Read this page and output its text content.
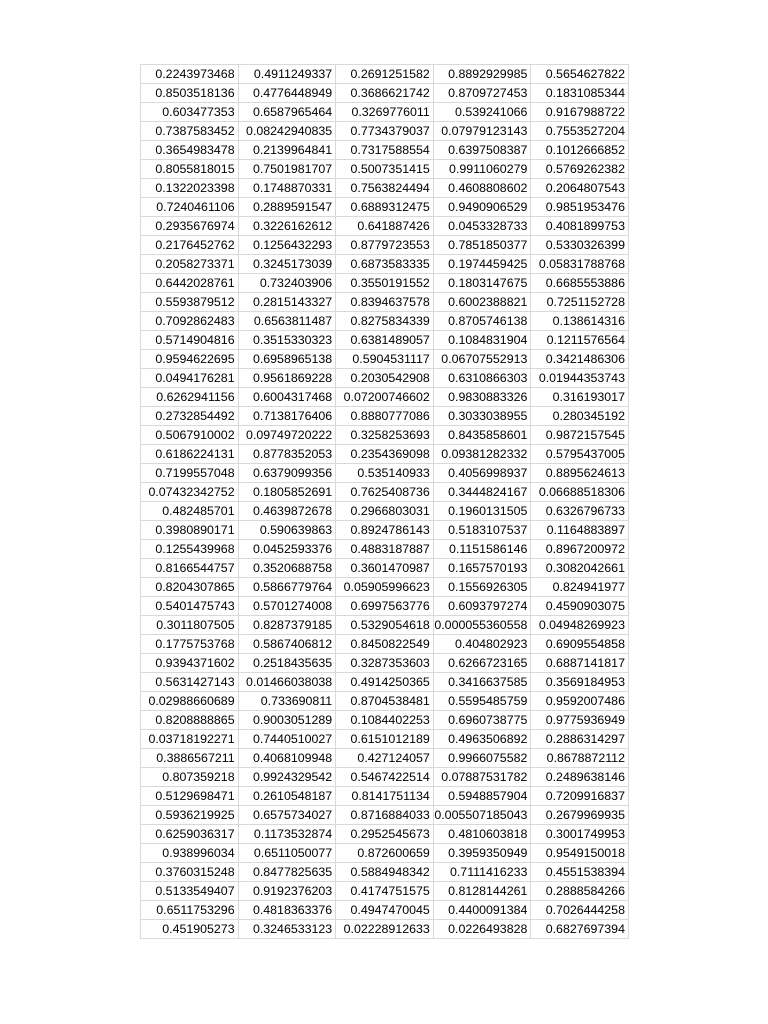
0.2243973468	0.4911249337	0.2691251582	0.8892929985	0.5654627822
0.8503518136	0.4776448949	0.3686621742	0.8709727453	0.1831085344
0.603477353	0.6587965464	0.3269776011	0.539241066	0.9167988722
0.7387583452	0.08242940835	0.7734379037	0.07979123143	0.7553527204
0.3654983478	0.2139964841	0.7317588554	0.6397508387	0.1012666852
0.8055818015	0.7501981707	0.5007351415	0.9911060279	0.5769262382
0.1322023398	0.1748870331	0.7563824494	0.4608808602	0.2064807543
0.7240461106	0.2889591547	0.6889312475	0.9490906529	0.9851953476
0.2935676974	0.3226162612	0.641887426	0.0453328733	0.4081899753
0.2176452762	0.1256432293	0.8779723553	0.7851850377	0.5330326399
0.2058273371	0.3245173039	0.6873583335	0.1974459425	0.05831788768
0.6442028761	0.732403906	0.3550191552	0.1803147675	0.6685553886
0.5593879512	0.2815143327	0.8394637578	0.6002388821	0.7251152728
0.7092862483	0.6563811487	0.8275834339	0.8705746138	0.138614316
0.5714904816	0.3515330323	0.6381489057	0.1084831904	0.1211576564
0.9594622695	0.6958965138	0.5904531117	0.06707552913	0.3421486306
0.0494176281	0.9561869228	0.2030542908	0.6310866303	0.01944353743
0.6262941156	0.6004317468	0.07200746602	0.9830883326	0.316193017
0.2732854492	0.7138176406	0.8880777086	0.3033038955	0.280345192
0.5067910002	0.09749720222	0.3258253693	0.8435858601	0.9872157545
0.6186224131	0.8778352053	0.2354369098	0.09381282332	0.5795437005
0.7199557048	0.6379099356	0.535140933	0.4056998937	0.8895624613
0.07432342752	0.1805852691	0.7625408736	0.3444824167	0.06688518306
0.482485701	0.4639872678	0.2966803031	0.1960131505	0.6326796733
0.3980890171	0.590639863	0.8924786143	0.5183107537	0.1164883897
0.1255439968	0.0452593376	0.4883187887	0.1151586146	0.8967200972
0.8166544757	0.3520688758	0.3601470987	0.1657570193	0.3082042661
0.8204307865	0.5866779764	0.05905996623	0.1556926305	0.824941977
0.5401475743	0.5701274008	0.6997563776	0.6093797274	0.4590903075
0.3011807505	0.8287379185	0.5329054618	0.000055360558	0.04948269923
0.1775753768	0.5867406812	0.8450822549	0.404802923	0.6909554858
0.9394371602	0.2518435635	0.3287353603	0.6266723165	0.6887141817
0.5631427143	0.01466038038	0.4914250365	0.3416637585	0.3569184953
0.02988660689	0.733690811	0.8704538481	0.5595485759	0.9592007486
0.8208888865	0.9003051289	0.1084402253	0.6960738775	0.9775936949
0.03718192271	0.7440510027	0.6151012189	0.4963506892	0.2886314297
0.3886567211	0.4068109948	0.427124057	0.9966075582	0.8678872112
0.807359218	0.9924329542	0.5467422514	0.07887531782	0.2489638146
0.5129698471	0.2610548187	0.8141751134	0.5948857904	0.7209916837
0.5936219925	0.6575734027	0.8716884033	0.005507185043	0.2679969935
0.6259036317	0.1173532874	0.2952545673	0.4810603818	0.3001749953
0.938996034	0.6511050077	0.872600659	0.3959350949	0.9549150018
0.3760315248	0.8477825635	0.5884948342	0.7111416233	0.4551538394
0.5133549407	0.9192376203	0.4174751575	0.8128144261	0.2888584266
0.6511753296	0.4818363376	0.4947470045	0.4400091384	0.7026444258
0.451905273	0.3246533123	0.02228912633	0.0226493828	0.6827697394
